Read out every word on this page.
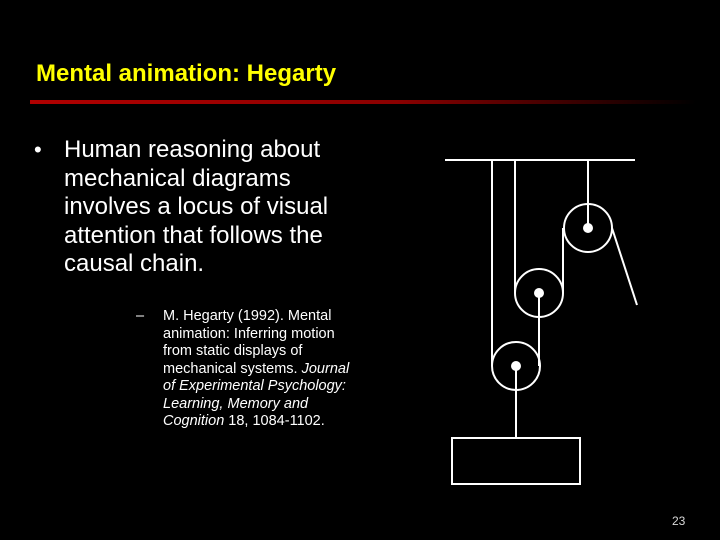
Mental animation: Hegarty
• Human reasoning about
mechanical diagrams
involves a locus of visual
attention that follows the
causal chain.
– M. Hegarty (1992). Mental
animation: Inferring motion
from static displays of
mechanical systems. Journal
of Experimental Psychology:
Learning, Memory and
Cognition 18, 1084-1102.
23
